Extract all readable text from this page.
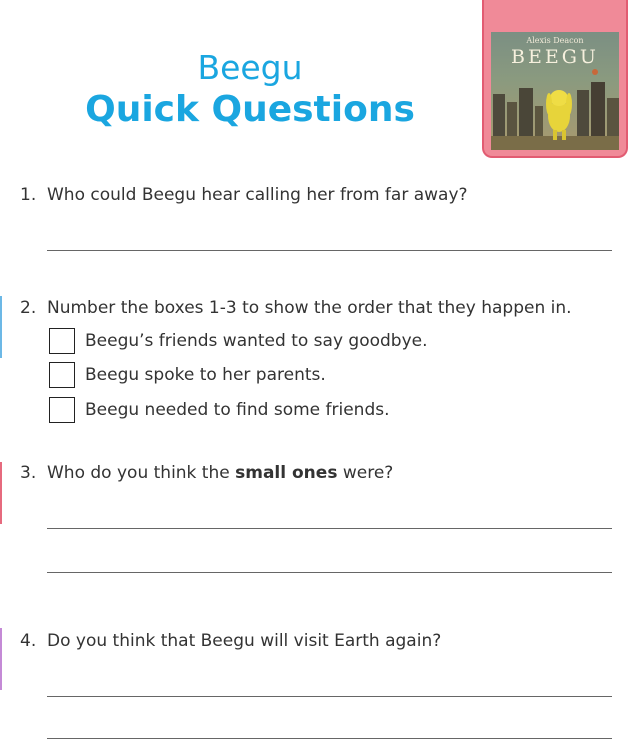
Beegu
Quick Questions
Alexis Deacon
BEEGU
1. Who could Beegu hear calling her from far away?
2. Number the boxes 1-3 to show the order that they happen in.
Beegu’s friends wanted to say goodbye.
Beegu spoke to her parents.
Beegu needed to find some friends.
3. Who do you think the small ones were?
4. Do you think that Beegu will visit Earth again?
